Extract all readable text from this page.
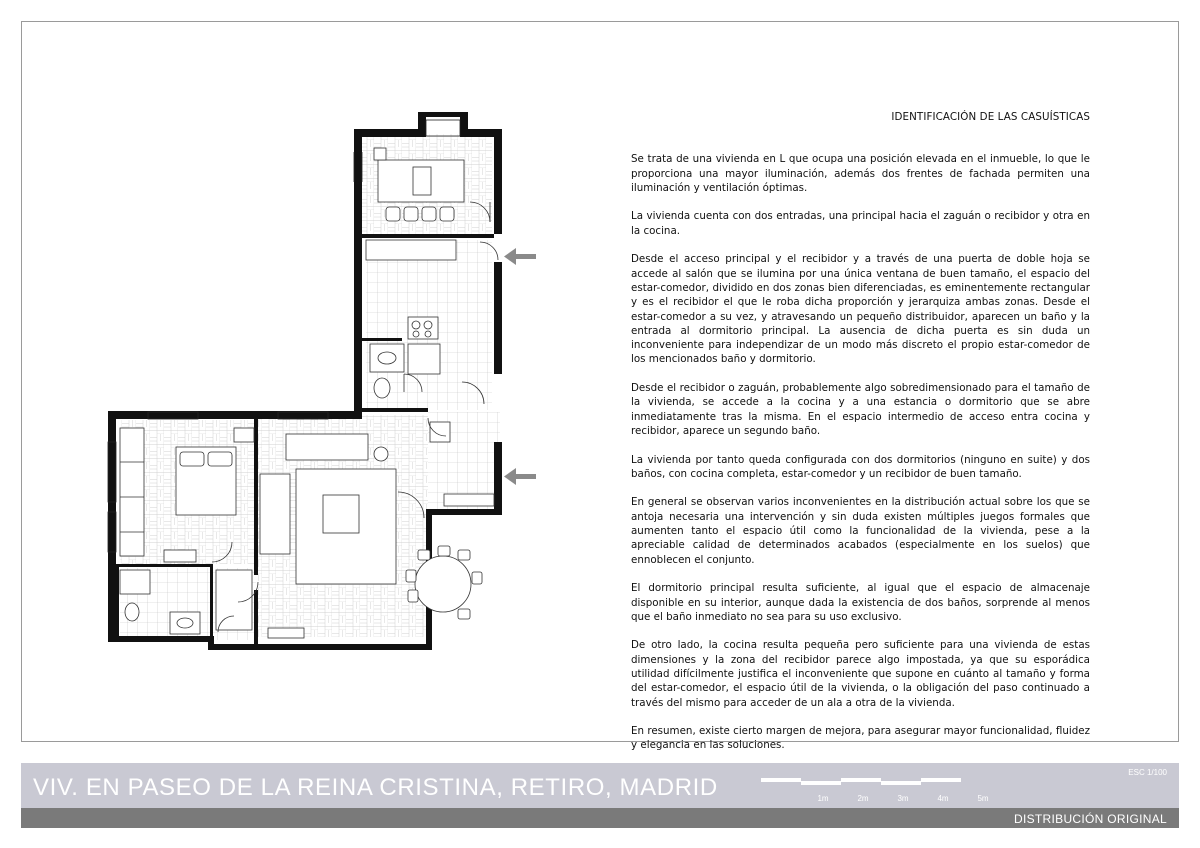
IDENTIFICACIÓN DE LAS CASUÍSTICAS

Se trata de una vivienda en L que ocupa una posición elevada en el inmueble, lo que le proporciona una mayor iluminación, además dos frentes de fachada permiten una iluminación y ventilación óptimas.

La vivienda cuenta con dos entradas, una principal hacia el zaguán o recibidor y otra en la cocina.

Desde el acceso principal y el recibidor y a través de una puerta de doble hoja se accede al salón que se ilumina por una única ventana de buen tamaño, el espacio del estar-comedor, dividido en dos zonas bien diferenciadas, es eminentemente rectangular y es el recibidor el que le roba dicha proporción y jerarquiza ambas zonas. Desde el estar-comedor a su vez, y atravesando un pequeño distribuidor, aparecen un baño y la entrada al dormitorio principal. La ausencia de dicha puerta es sin duda un inconveniente para independizar de un modo más discreto el propio estar-comedor de los mencionados baño y dormitorio.

Desde el recibidor o zaguán, probablemente algo sobredimensionado para el tamaño de la vivienda, se accede a la cocina y a una estancia o dormitorio que se abre inmediatamente tras la misma. En el espacio intermedio de acceso entra cocina y recibidor, aparece un segundo baño.

La vivienda por tanto queda configurada con dos dormitorios (ninguno en suite) y dos baños, con cocina completa, estar-comedor y un recibidor de buen tamaño.

En general se observan varios inconvenientes en la distribución actual sobre los que se antoja necesaria una intervención y sin duda existen múltiples juegos formales que aumenten tanto el espacio útil como la funcionalidad de la vivienda, pese a la apreciable calidad de determinados acabados (especialmente en los suelos) que ennoblecen el conjunto.

El dormitorio principal resulta suficiente, al igual que el espacio de almacenaje disponible en su interior, aunque dada la existencia de dos baños, sorprende al menos que el baño inmediato no sea para su uso exclusivo.

De otro lado, la cocina resulta pequeña pero suficiente para una vivienda de estas dimensiones y la zona del recibidor parece algo impostada, ya que su esporádica utilidad difícilmente justifica el inconveniente que supone en cuánto al tamaño y forma del estar-comedor, el espacio útil de la vivienda, o la obligación del paso continuado a través del mismo para acceder de un ala a otra de la vivienda.

En resumen, existe cierto margen de mejora, para asegurar mayor funcionalidad, fluidez y elegancia en las soluciones.

VIV. EN PASEO DE LA REINA CRISTINA, RETIRO, MADRID
ESC 1/100
1m	2m	3m	4m	5m
DISTRIBUCIÓN ORIGINAL
